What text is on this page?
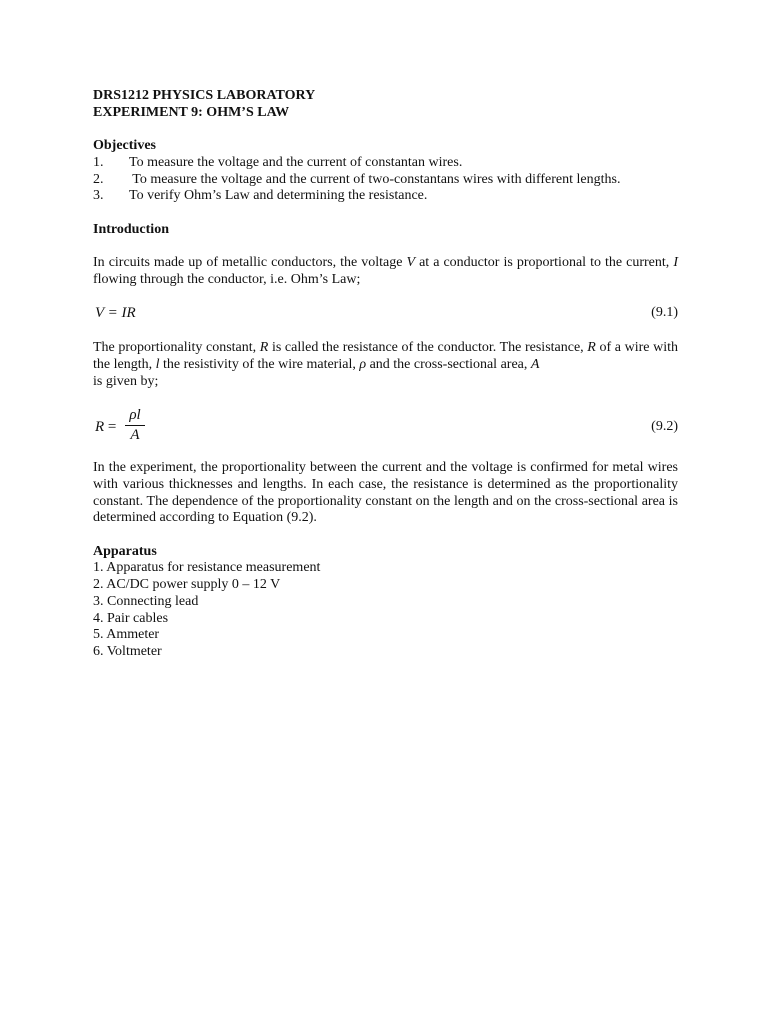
DRS1212 PHYSICS LABORATORY
EXPERIMENT 9: OHM’S LAW
Objectives
1.	To measure the voltage and the current of constantan wires.
2.	To measure the voltage and the current of two-constantans wires with different lengths.
3.	To verify Ohm’s Law and determining the resistance.
Introduction
In circuits made up of metallic conductors, the voltage V at a conductor is proportional to the current, I flowing through the conductor, i.e. Ohm’s Law;
V = IR	(9.1)
The proportionality constant, R is called the resistance of the conductor. The resistance, R of a wire with the length, l the resistivity of the wire material, ρ and the cross-sectional area, A
is given by;
$R = \frac{\rho l}{A}$	(9.2)
In the experiment, the proportionality between the current and the voltage is confirmed for metal wires with various thicknesses and lengths. In each case, the resistance is determined as the proportionality constant. The dependence of the proportionality constant on the length and on the cross-sectional area is determined according to Equation (9.2).
Apparatus
1. Apparatus for resistance measurement
2. AC/DC power supply 0 – 12 V
3. Connecting lead
4. Pair cables
5. Ammeter
6. Voltmeter
